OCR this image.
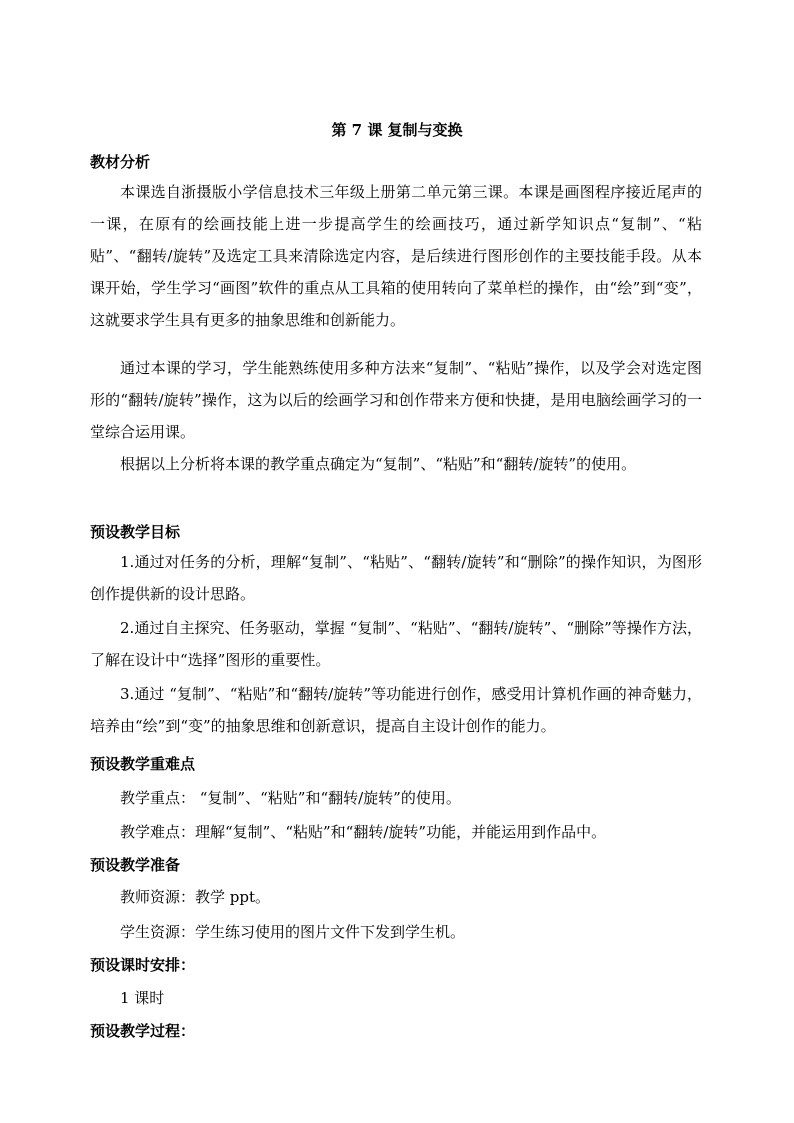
第 7 课 复制与变换
教材分析
本课选自浙摄版小学信息技术三年级上册第二单元第三课。本课是画图程序接近尾声的一课，在原有的绘画技能上进一步提高学生的绘画技巧，通过新学知识点“复制”、“粘贴”、“翻转/旋转”及选定工具来清除选定内容，是后续进行图形创作的主要技能手段。从本课开始，学生学习“画图”软件的重点从工具箱的使用转向了菜单栏的操作，由“绘”到“变”，这就要求学生具有更多的抽象思维和创新能力。
通过本课的学习，学生能熟练使用多种方法来“复制”、“粘贴”操作，以及学会对选定图形的“翻转/旋转”操作，这为以后的绘画学习和创作带来方便和快捷，是用电脑绘画学习的一堂综合运用课。
根据以上分析将本课的教学重点确定为“复制”、“粘贴”和“翻转/旋转”的使用。
预设教学目标
1.通过对任务的分析，理解“复制”、“粘贴”、“翻转/旋转”和“删除”的操作知识，为图形创作提供新的设计思路。
2.通过自主探究、任务驱动，掌握 “复制”、“粘贴”、“翻转/旋转”、“删除”等操作方法，了解在设计中“选择”图形的重要性。
3.通过 “复制”、“粘贴”和“翻转/旋转”等功能进行创作，感受用计算机作画的神奇魅力，培养由“绘”到“变”的抽象思维和创新意识，提高自主设计创作的能力。
预设教学重难点
教学重点： “复制”、“粘贴”和“翻转/旋转”的使用。
教学难点：理解“复制”、“粘贴”和“翻转/旋转”功能，并能运用到作品中。
预设教学准备
教师资源：教学 ppt。
学生资源：学生练习使用的图片文件下发到学生机。
预设课时安排：
1 课时
预设教学过程：
